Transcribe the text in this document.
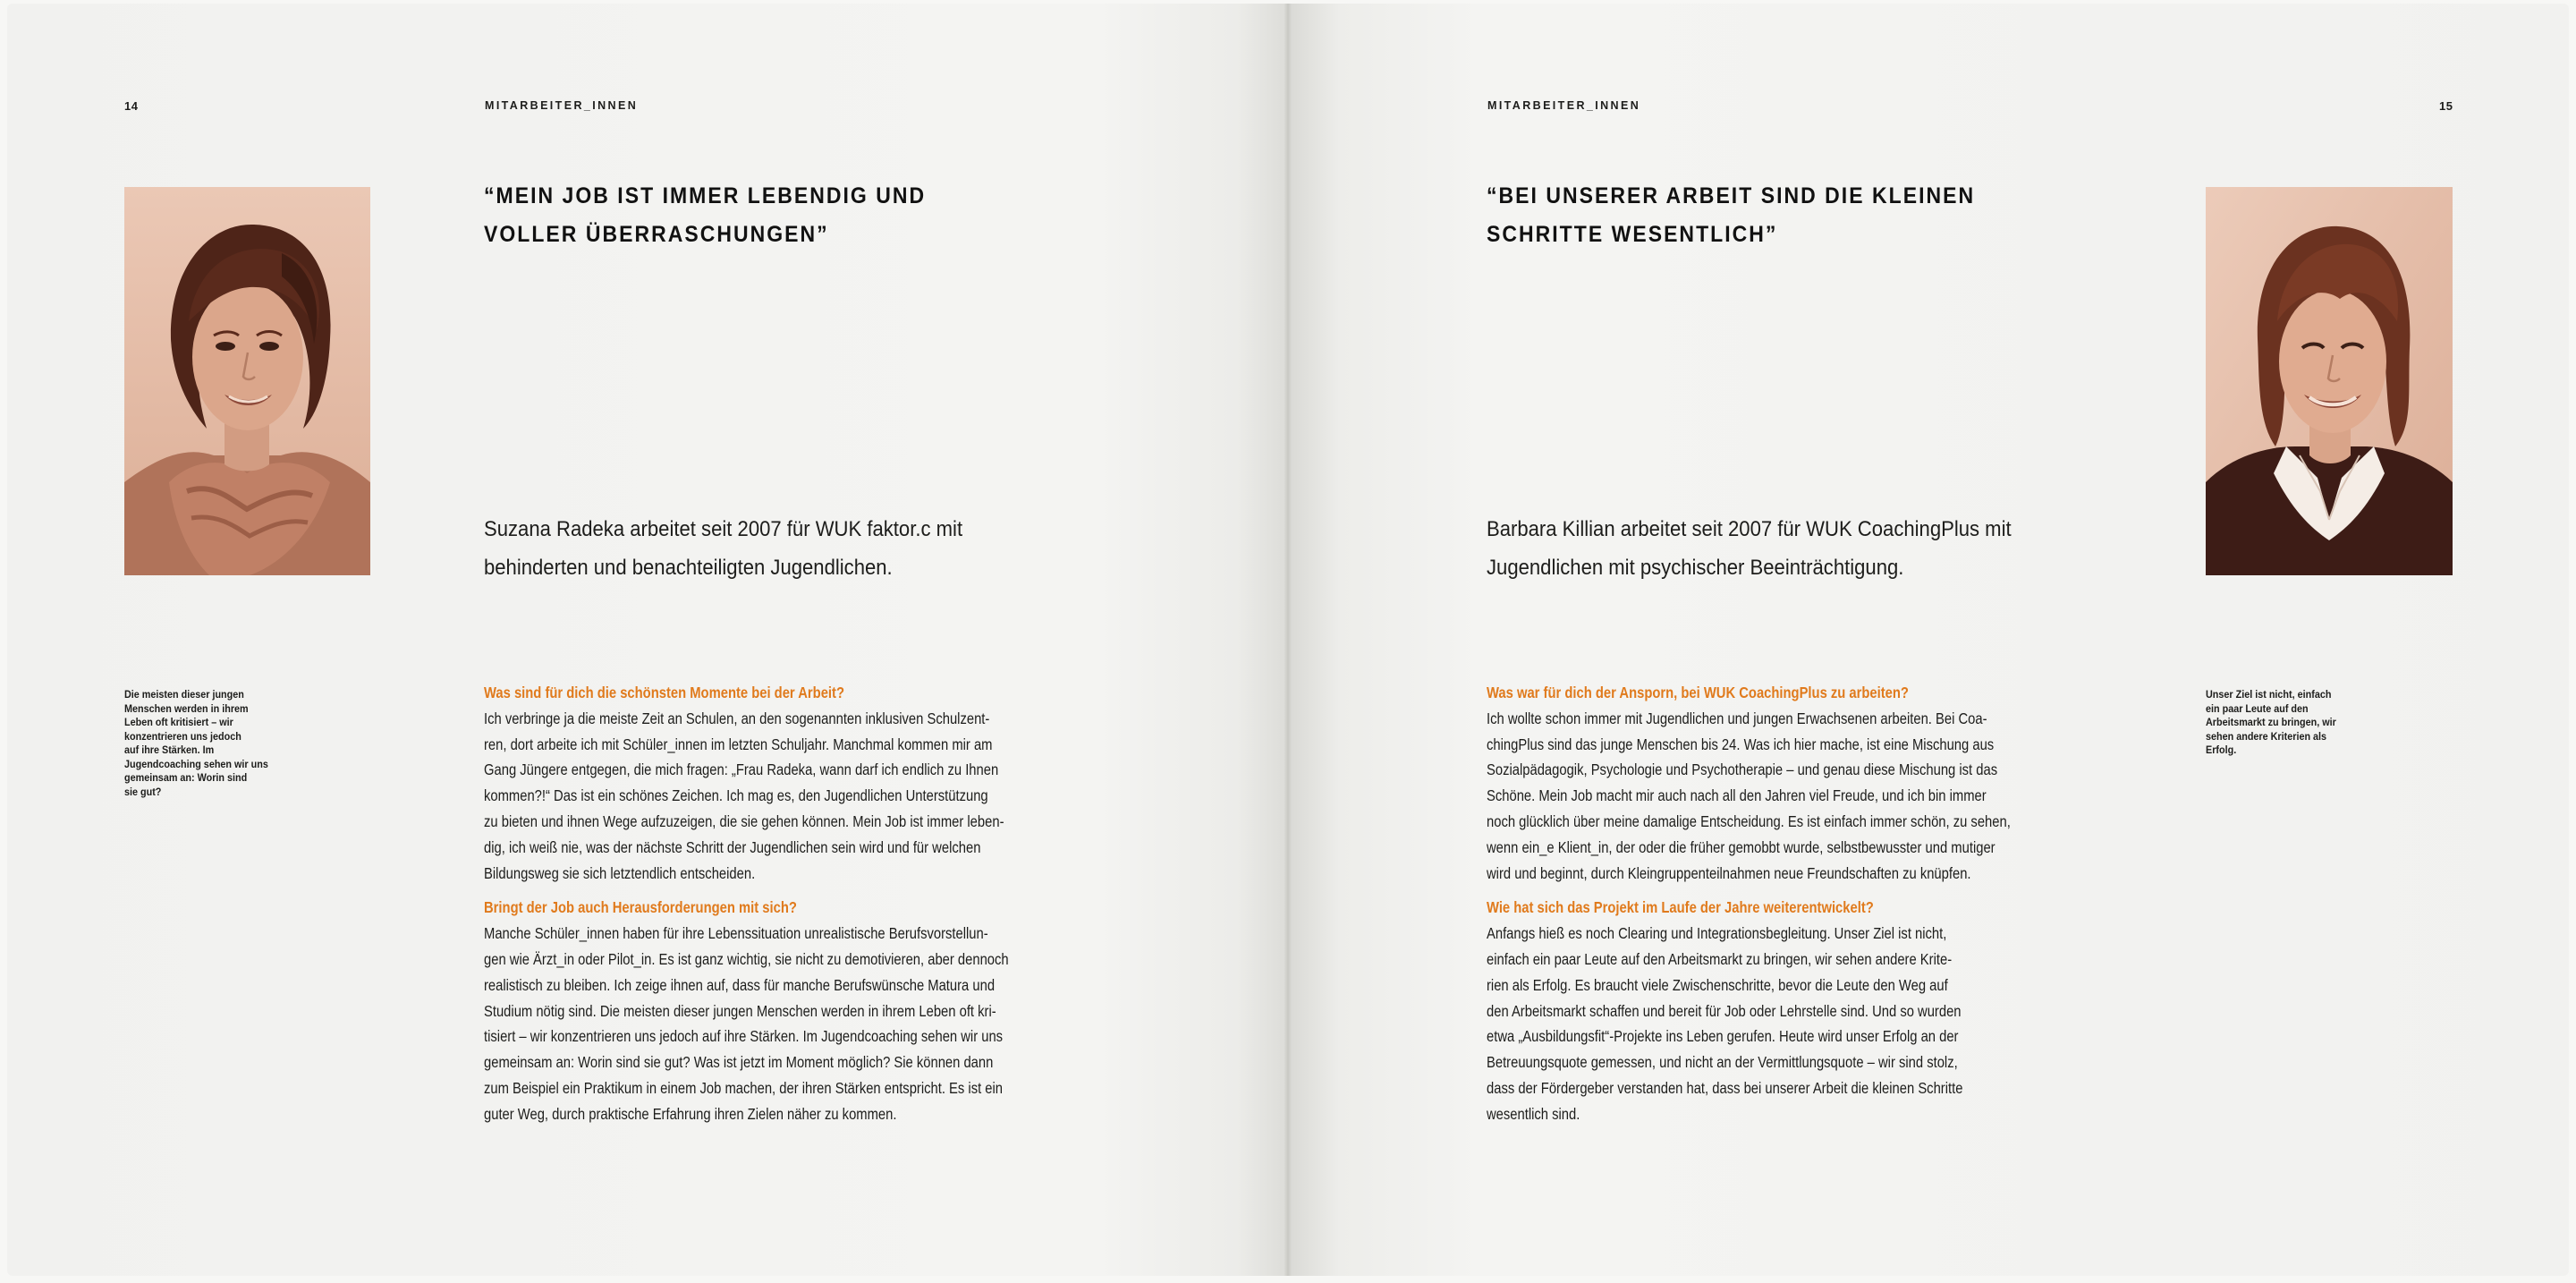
14	MITARBEITER_INNEN
“MEIN JOB IST IMMER LEBENDIG UND
VOLLER ÜBERRASCHUNGEN”
Suzana Radeka arbeitet seit 2007 für WUK faktor.c mit
behinderten und benachteiligten Jugendlichen.
Die meisten dieser jungen
Menschen werden in ihrem
Leben oft kritisiert – wir
konzentrieren uns jedoch
auf ihre Stärken. Im
Jugendcoaching sehen wir uns
gemeinsam an: Worin sind
sie gut?
Was sind für dich die schönsten Momente bei der Arbeit?
Ich verbringe ja die meiste Zeit an Schulen, an den sogenannten inklusiven Schulzent-
ren, dort arbeite ich mit Schüler_innen im letzten Schuljahr. Manchmal kommen mir am
Gang Jüngere entgegen, die mich fragen: „Frau Radeka, wann darf ich endlich zu Ihnen
kommen?!“ Das ist ein schönes Zeichen. Ich mag es, den Jugendlichen Unterstützung
zu bieten und ihnen Wege aufzuzeigen, die sie gehen können. Mein Job ist immer leben-
dig, ich weiß nie, was der nächste Schritt der Jugendlichen sein wird und für welchen
Bildungsweg sie sich letztendlich entscheiden.
Bringt der Job auch Herausforderungen mit sich?
Manche Schüler_innen haben für ihre Lebenssituation unrealistische Berufsvorstellun-
gen wie Ärzt_in oder Pilot_in. Es ist ganz wichtig, sie nicht zu demotivieren, aber dennoch
realistisch zu bleiben. Ich zeige ihnen auf, dass für manche Berufswünsche Matura und
Studium nötig sind. Die meisten dieser jungen Menschen werden in ihrem Leben oft kri-
tisiert – wir konzentrieren uns jedoch auf ihre Stärken. Im Jugendcoaching sehen wir uns
gemeinsam an: Worin sind sie gut? Was ist jetzt im Moment möglich? Sie können dann
zum Beispiel ein Praktikum in einem Job machen, der ihren Stärken entspricht. Es ist ein
guter Weg, durch praktische Erfahrung ihren Zielen näher zu kommen.
MITARBEITER_INNEN	15
“BEI UNSERER ARBEIT SIND DIE KLEINEN
SCHRITTE WESENTLICH”
Barbara Killian arbeitet seit 2007 für WUK CoachingPlus mit
Jugendlichen mit psychischer Beeinträchtigung.
Unser Ziel ist nicht, einfach
ein paar Leute auf den
Arbeitsmarkt zu bringen, wir
sehen andere Kriterien als
Erfolg.
Was war für dich der Ansporn, bei WUK CoachingPlus zu arbeiten?
Ich wollte schon immer mit Jugendlichen und jungen Erwachsenen arbeiten. Bei Coa-
chingPlus sind das junge Menschen bis 24. Was ich hier mache, ist eine Mischung aus
Sozialpädagogik, Psychologie und Psychotherapie – und genau diese Mischung ist das
Schöne. Mein Job macht mir auch nach all den Jahren viel Freude, und ich bin immer
noch glücklich über meine damalige Entscheidung. Es ist einfach immer schön, zu sehen,
wenn ein_e Klient_in, der oder die früher gemobbt wurde, selbstbewusster und mutiger
wird und beginnt, durch Kleingruppenteilnahmen neue Freundschaften zu knüpfen.
Wie hat sich das Projekt im Laufe der Jahre weiterentwickelt?
Anfangs hieß es noch Clearing und Integrationsbegleitung. Unser Ziel ist nicht,
einfach ein paar Leute auf den Arbeitsmarkt zu bringen, wir sehen andere Krite-
rien als Erfolg. Es braucht viele Zwischenschritte, bevor die Leute den Weg auf
den Arbeitsmarkt schaffen und bereit für Job oder Lehrstelle sind. Und so wurden
etwa „Ausbildungsfit“-Projekte ins Leben gerufen. Heute wird unser Erfolg an der
Betreuungsquote gemessen, und nicht an der Vermittlungsquote – wir sind stolz,
dass der Fördergeber verstanden hat, dass bei unserer Arbeit die kleinen Schritte
wesentlich sind.
